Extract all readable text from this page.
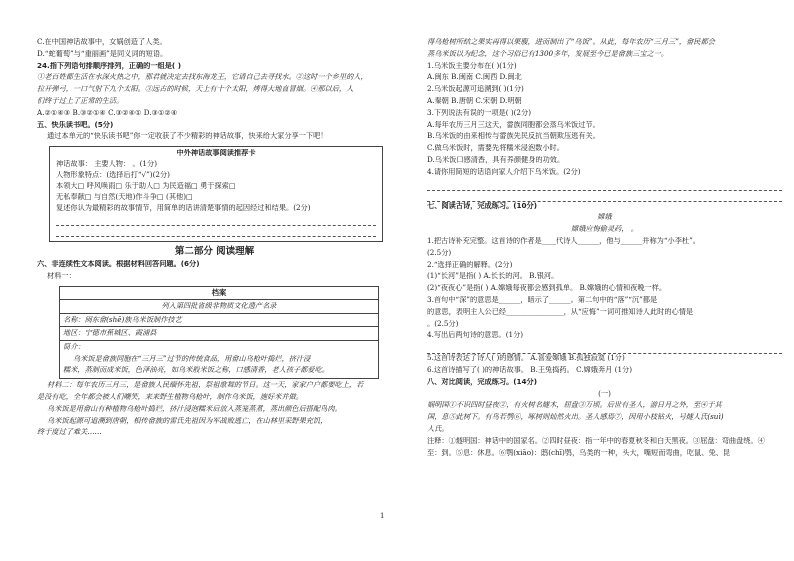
C.在中国神话故事中，女娲创造了人类。
D.“蛇葡萄”与“重丽画”是同义词的短语。
24.指下列语句排顺序排列，正确的一组是( )
①老百姓都生活在水深火热之中，那君就决定去找东海龙王，它请自己去寻找水。②这时一个乡里的人，
拉开弹弓，一口气射下九个太阳。③远古的时候，天上有十个太阳，烤得大地直冒烟。④那以后，人
们终于过上了正常的生活。
A.②①④③ B.③②①④ C.③②④① D.③①②④
五、快乐读书吧。(5分)
通过本单元的“快乐读书吧”你一定收获了不少精彩的神话故事，快来给大家分享一下吧！
中外神话故事阅读推荐卡
神话故事： 主要人物： 。(1分)
人物形象特点：(选择后打“√”)(2分)
本领大□ 呼风唤雨□ 乐于助人□ 为民造福□ 勇于探索□
无私奉献□ 与自然(天地)作斗争□ (其他)□
复述你认为最精彩的故事情节，用简单的话讲清楚事情的起因经过和结果。(2分)
第二部分 阅读理解
六、非连续性文本阅读。根据材料回答问题。(6分)
材料一：
档案
列入第四批省级非物质文化遗产名录
名称：闽东畲(shē)族乌米饭制作技艺
地区：宁德市蕉城区、霞浦县
简介：
乌米饭是畲族同胞在“三月三”过节的传统食品，用畲山乌枪叶捣烂，挤汁浸
糯米，蒸制而成米饭，色泽油亮，如乌米般米饭之称，口感清香，老人孩子都爱吃。
材料二：每年农历三月三，是畲族人民缅怀先祖、祭祖歌舞的节日。这一天，家家户户都要吃上，若
是没有吃，全年都会被人们嘲笑，来来野生植物乌枪叶，制作乌米饭，施好米并做。
乌米饭是用畲山有种植物乌枪叶捣烂，挤汁浸泡糯米后放入蒸笼蒸煮，蒸出颜色后搭配鸟肉。
乌米饭起源可追溯到唐朝，相传畲族的雷氏先祖因为军战败逃亡，在山林里采野果充饥，
终于度过了难关……
得乌枪树所结之果实再得以果腹，进而制出了“乌饭”。从此，每年农历“三月三”，畲民都会
蒸乌米饭以为纪念，这个习俗已有1300多年，发展至今已是畲族三宝之一。
1.乌米饭主要分布在( )(1分)
A.闽东 B.闽南 C.闽西 D.闽北
2.乌米饭起源可追溯到( )(1分)
A.秦朝 B.唐朝 C.宋朝 D.明朝
3.下列说法有误的一项是( )(2分)
A.每年农历三月三这天，畲族同胞都会蒸乌米饭过节。
B.乌米饭的由来相传与畲族先民反抗当朝欺压逃有关。
C.做乌米饭时，需要先将糯米浸泡数小时。
D.乌米饭口感清香，具有养颜健身的功效。
4.请你用简短的话语向家人介绍下乌米饭。(2分)
七、阅读古诗，完成练习。(10分)
嫦娥
嫦娥应悔偷灵药， 。
1.把古诗补充完整。这首诗的作者是____代诗人______，他与______并称为“小李杜”。
(2.5分)
2.“选择正确的解释。(2分)
(1)“长河”是指( ) A.长长的河。 B.银河。
(2)“夜夜心”是指( ) A.嫦娥每夜都会感到孤单。 B.嫦娥的心情和夜晚一样。
3.首句中“深”的意思是______，暗示了______。第二句中的“落”“沉”都是
的意思，表明主人公已经________________，从“应悔”一词可推知诗人此时的心情是
。(2.5分)
4.写出后两句诗的意思。(1分)
5.这首诗表达了诗人( )的感情。 A.喜爱嫦娥 B.孤独寂寞 (1分)
6.这首诗描写了( )的神话故事。 B.王兔捣药。 C.嫦娥奔月 (1分)
八、对比阅读，完成练习。(14分)
(一)
娲明国①不识四时昼夜②，有火树名燧木，屈盘③万顷。后世有圣人，游日月之外，至④于其
国，息⑤此树下。有鸟若鹗⑥，啄树则灿然火出。圣人感焉⑦，因用小枝钻火，号燧人氏(suì)
人氏。
注释：①燧明国：神话中的国家名。②四时昼夜：指一年中的春夏秋冬和白天黑夜。③屈盘：弯曲盘绕。④
至：到。⑤息：休息。⑥鹗(xiāo)：鸱(chī)鸮，乌类的一种，头大，嘴短而弯曲，吃鼠、兔、昆
1
